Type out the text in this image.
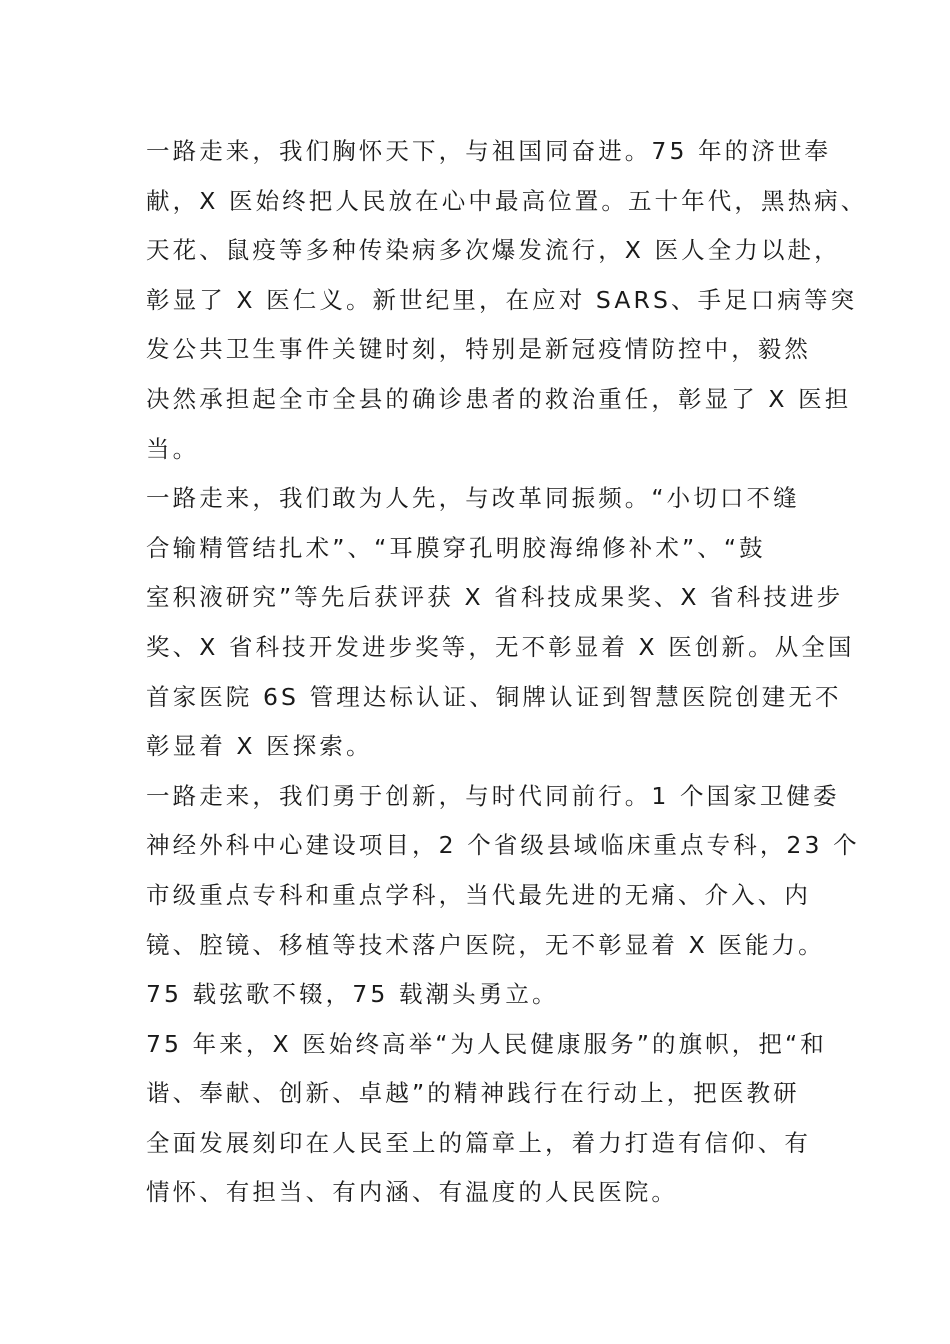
一路走来，我们胸怀天下，与祖国同奋进。75 年的济世奉
献，X 医始终把人民放在心中最高位置。五十年代，黑热病、
天花、鼠疫等多种传染病多次爆发流行，X 医人全力以赴，
彰显了 X 医仁义。新世纪里，在应对 SARS、手足口病等突
发公共卫生事件关键时刻，特别是新冠疫情防控中，毅然
决然承担起全市全县的确诊患者的救治重任，彰显了 X 医担
当。
一路走来，我们敢为人先，与改革同振频。“小切口不缝
合输精管结扎术”、“耳膜穿孔明胶海绵修补术”、“鼓
室积液研究”等先后获评获 X 省科技成果奖、X 省科技进步
奖、X 省科技开发进步奖等，无不彰显着 X 医创新。从全国
首家医院 6S 管理达标认证、铜牌认证到智慧医院创建无不
彰显着 X 医探索。
一路走来，我们勇于创新，与时代同前行。1 个国家卫健委
神经外科中心建设项目，2 个省级县域临床重点专科，23 个
市级重点专科和重点学科，当代最先进的无痛、介入、内
镜、腔镜、移植等技术落户医院，无不彰显着 X 医能力。
75 载弦歌不辍，75 载潮头勇立。
75 年来，X 医始终高举“为人民健康服务”的旗帜，把“和
谐、奉献、创新、卓越”的精神践行在行动上，把医教研
全面发展刻印在人民至上的篇章上，着力打造有信仰、有
情怀、有担当、有内涵、有温度的人民医院。
